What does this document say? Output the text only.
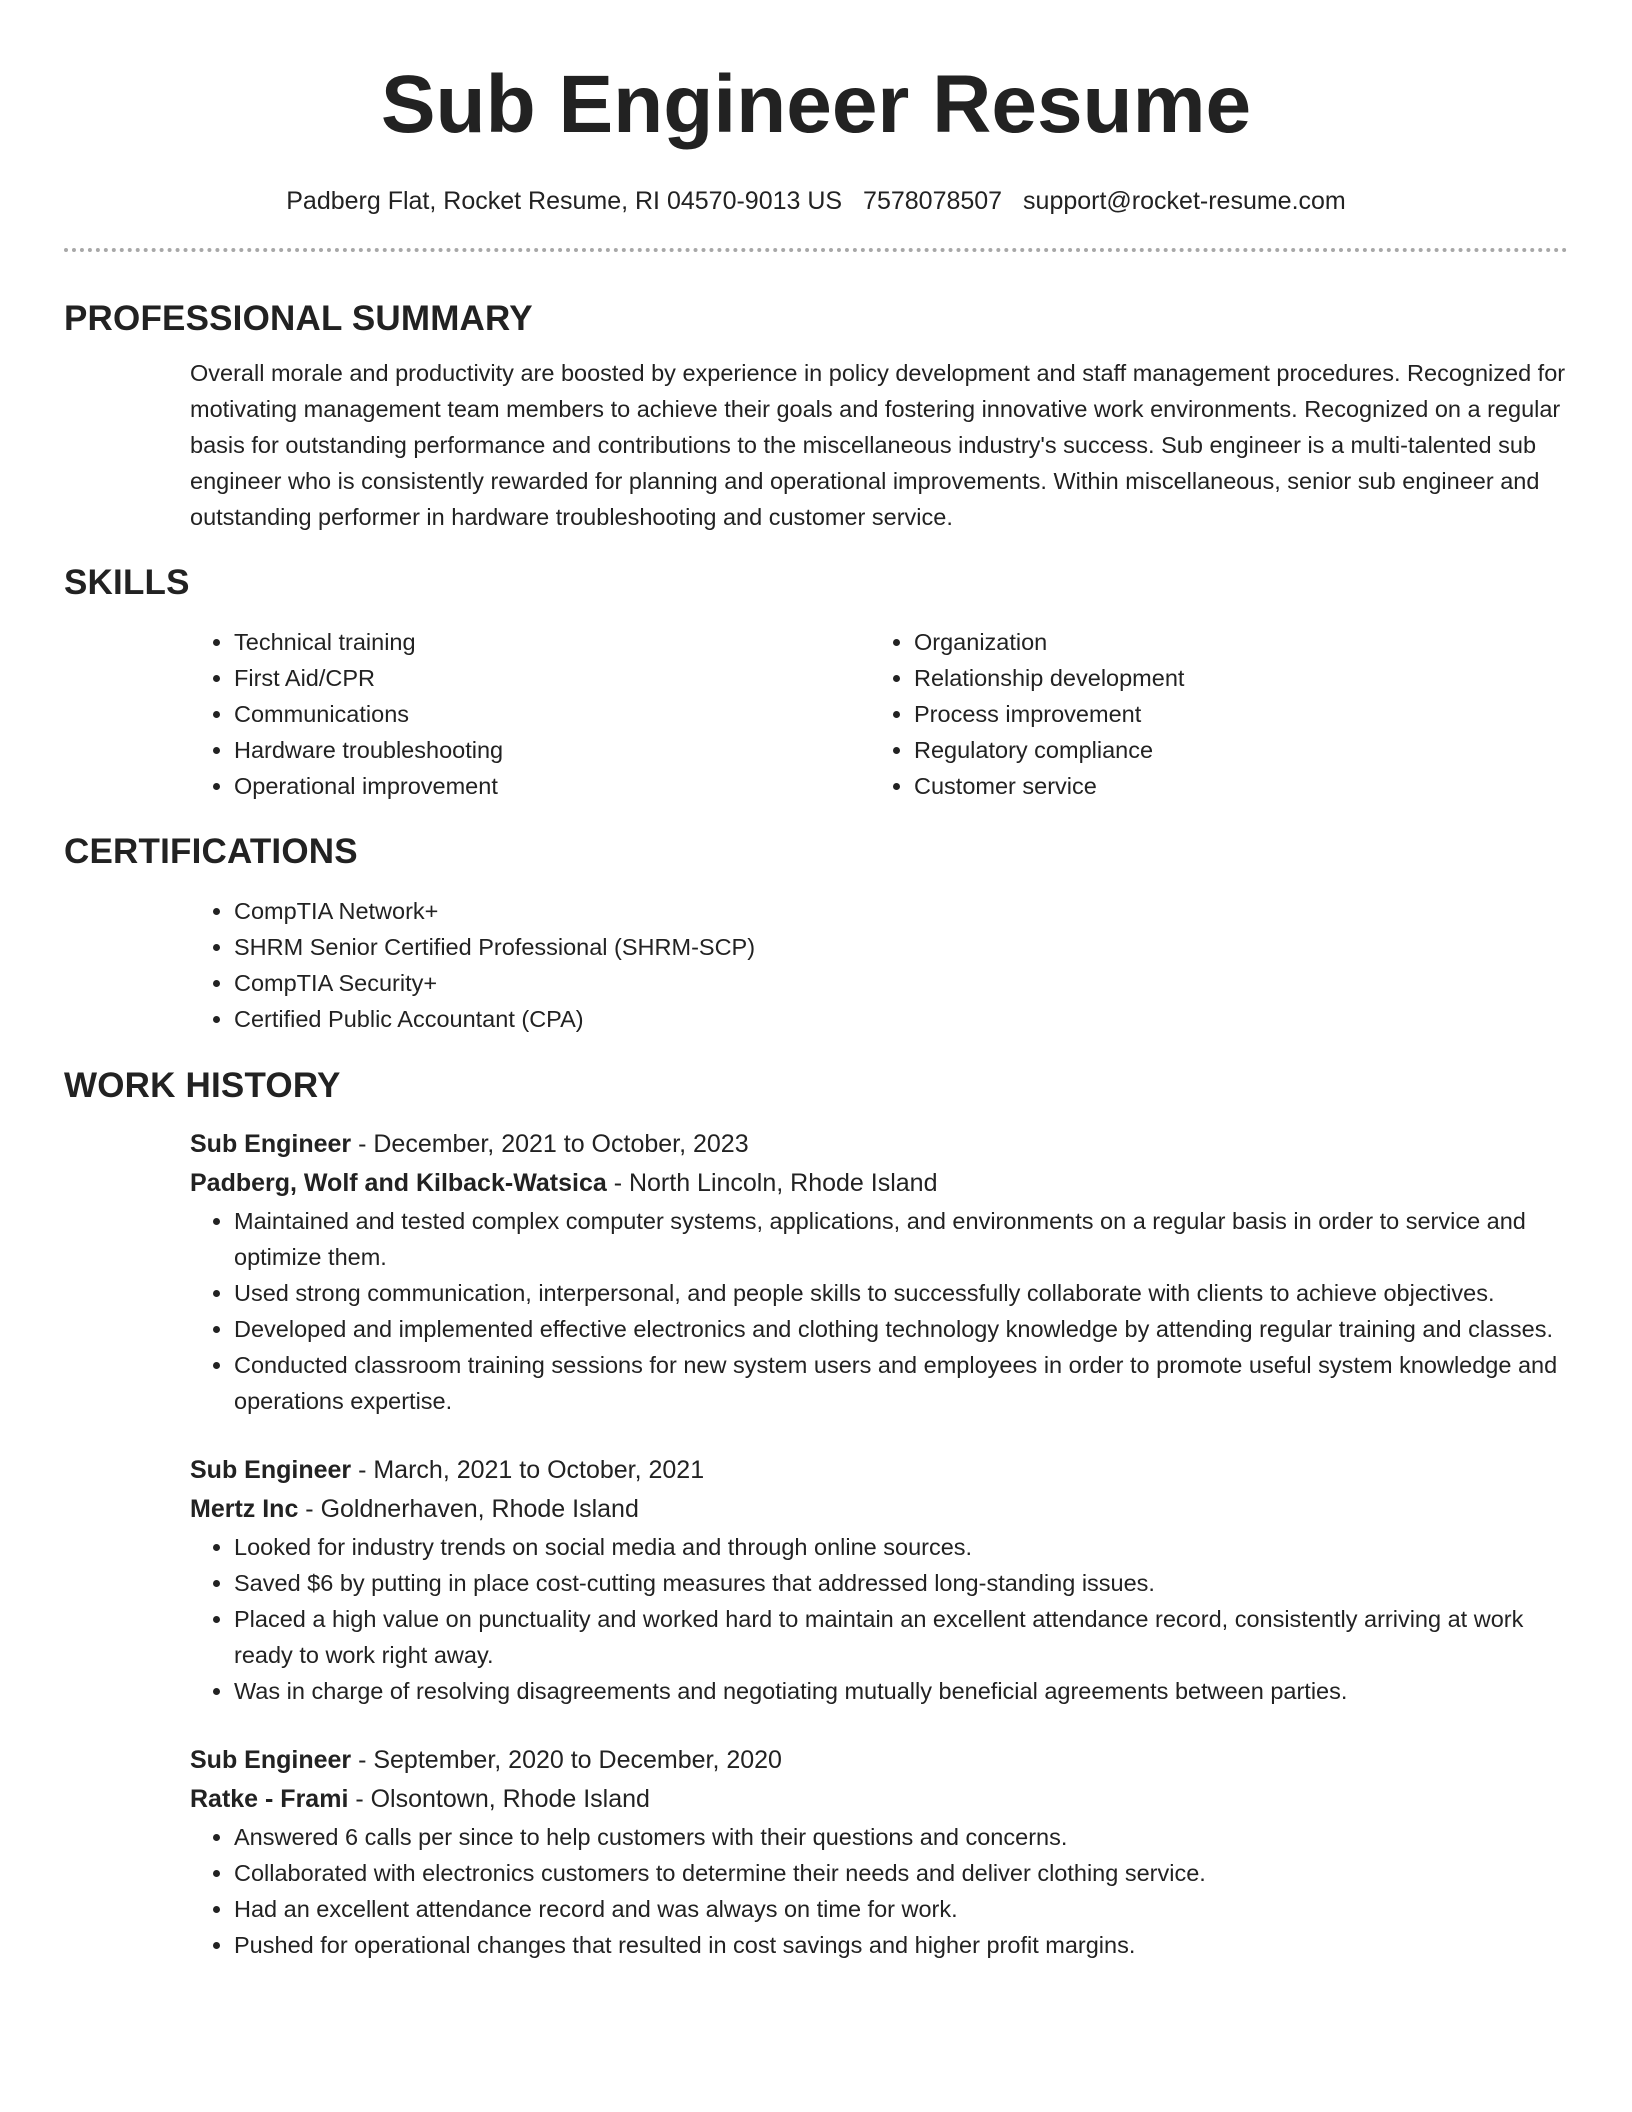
Sub Engineer Resume
Padberg Flat, Rocket Resume, RI 04570-9013 US 7578078507 support@rocket-resume.com
PROFESSIONAL SUMMARY
Overall morale and productivity are boosted by experience in policy development and staff management procedures. Recognized for motivating management team members to achieve their goals and fostering innovative work environments. Recognized on a regular basis for outstanding performance and contributions to the miscellaneous industry's success. Sub engineer is a multi-talented sub engineer who is consistently rewarded for planning and operational improvements. Within miscellaneous, senior sub engineer and outstanding performer in hardware troubleshooting and customer service.
SKILLS
• Technical training
• First Aid/CPR
• Communications
• Hardware troubleshooting
• Operational improvement
• Organization
• Relationship development
• Process improvement
• Regulatory compliance
• Customer service
CERTIFICATIONS
• CompTIA Network+
• SHRM Senior Certified Professional (SHRM-SCP)
• CompTIA Security+
• Certified Public Accountant (CPA)
WORK HISTORY
Sub Engineer - December, 2021 to October, 2023
Padberg, Wolf and Kilback-Watsica - North Lincoln, Rhode Island
• Maintained and tested complex computer systems, applications, and environments on a regular basis in order to service and optimize them.
• Used strong communication, interpersonal, and people skills to successfully collaborate with clients to achieve objectives.
• Developed and implemented effective electronics and clothing technology knowledge by attending regular training and classes.
• Conducted classroom training sessions for new system users and employees in order to promote useful system knowledge and operations expertise.
Sub Engineer - March, 2021 to October, 2021
Mertz Inc - Goldnerhaven, Rhode Island
• Looked for industry trends on social media and through online sources.
• Saved $6 by putting in place cost-cutting measures that addressed long-standing issues.
• Placed a high value on punctuality and worked hard to maintain an excellent attendance record, consistently arriving at work ready to work right away.
• Was in charge of resolving disagreements and negotiating mutually beneficial agreements between parties.
Sub Engineer - September, 2020 to December, 2020
Ratke - Frami - Olsontown, Rhode Island
• Answered 6 calls per since to help customers with their questions and concerns.
• Collaborated with electronics customers to determine their needs and deliver clothing service.
• Had an excellent attendance record and was always on time for work.
• Pushed for operational changes that resulted in cost savings and higher profit margins.
